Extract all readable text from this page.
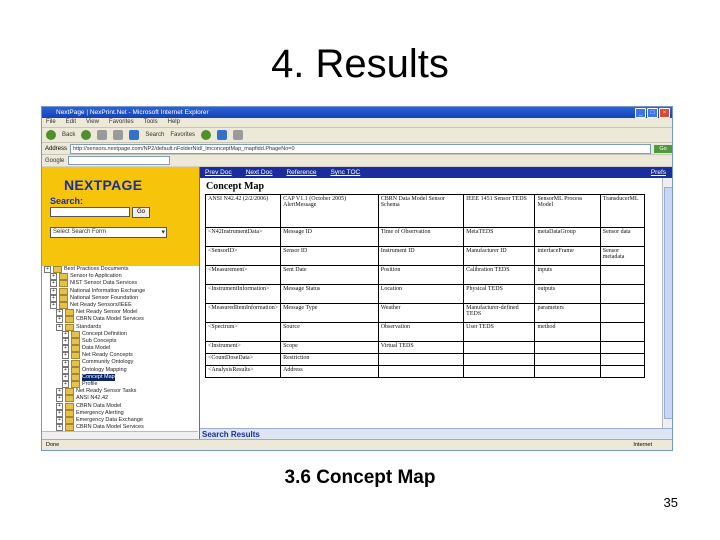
4. Results
NextPage | NexPrint.Net - Microsoft Internet Explorer	_	□	×
File Edit View Favorites Tools Help
Back	Search Favorites
Address	http://sensors.nextpage.com/NP2/default.nFolderNid/_lmconceptMap_mapfidd.PhageNo=0	Go
Google
NEXTPAGE
Search:
Go
Select Search Form ▾
+	Best Practices Documents
+	Sensor to Application
+	NIST Sensor Data Services
+	National Information Exchange
+	National Sensor Foundation
+	Net Ready Sensors/IEEE
+	Net Ready Sensor Model
+	CBRN Data Model Services
+	Standards
+	Concept Definition
+	Sub Concepts
+	Data Model
+	Net Ready Concepts
+	Community Ontology
+	Ontology Mapping
+	Concept Map
+	Profile
+	Net Ready Sensor Tasks
+	ANSI N42.42
+	CBRN Data Model
+	Emergency Alerting
+	Emergency Data Exchange
+	CBRN Data Model Services
Prev Doc Next Doc Reference Sync TOC	Prefs
Concept Map
ANSI N42.42 (2/2/2006)	CAP V1.1 (October 2005) AlertMessage	CBRN Data Model Sensor Schema	IEEE 1451 Sensor TEDS	SensorML Process Model	TransducerML
<N42InstrumentData>	Message ID	Time of Observation	MetaTEDS	metaDataGroup	Sensor data
<SensorID>	Sensor ID	Instrument ID	Manufacturer ID	interfaceFrame	Sensor metadata
<Measurement>	Sent Date	Position	Calibration TEDS	inputs	
<InstrumentInformation>	Message Status	Location	Physical TEDS	outputs	
<MeasuredItemInformation>	Message Type	Weather	Manufacturer-defined TEDS	parameters	
<Spectrum>	Source	Observation	User TEDS	method	
<Instrument>	Scope	Virtual TEDS			
<CountDoseData>	Restriction				
<AnalysisResults>	Address				
Search Results
Done	Internet
3.6 Concept Map
35
